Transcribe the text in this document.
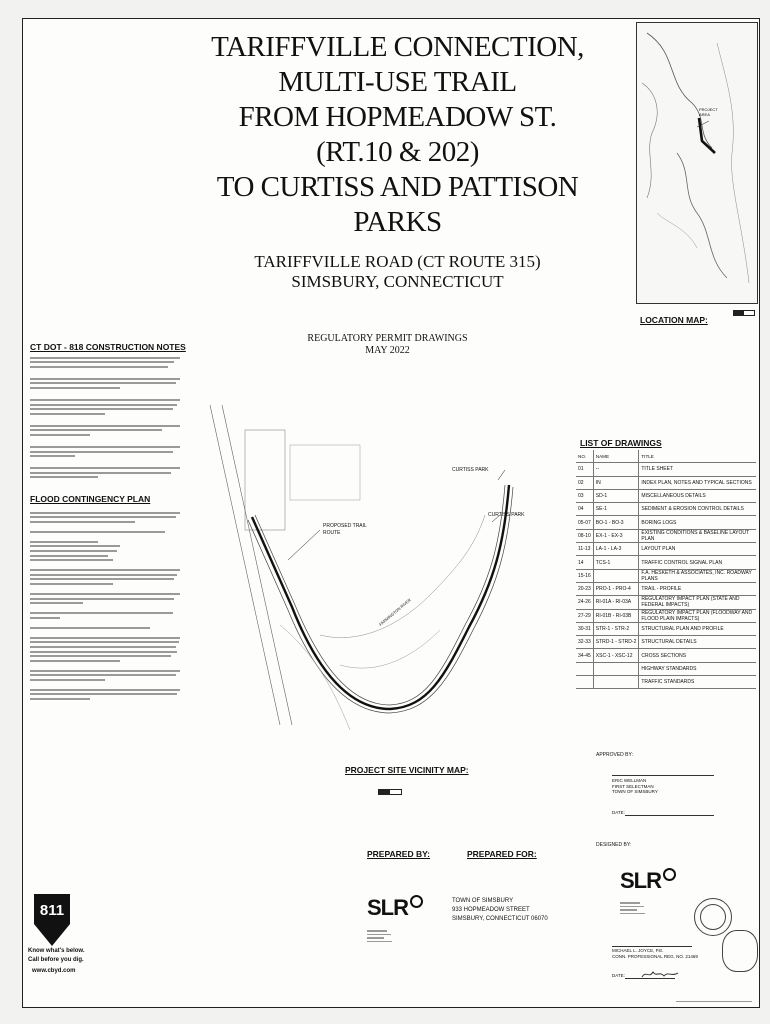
TARIFFVILLE CONNECTION,
MULTI-USE TRAIL
FROM HOPMEADOW ST. (RT.10 & 202)
TO CURTISS AND PATTISON PARKS
TARIFFVILLE ROAD (CT ROUTE 315)
SIMSBURY, CONNECTICUT
PROJECT AREA
LOCATION MAP:
REGULATORY PERMIT DRAWINGS
MAY 2022
CT DOT - 818 CONSTRUCTION NOTES
FLOOD CONTINGENCY PLAN
PROPOSED TRAIL ROUTE
CURTISS PARK
CURTISS PARK
FARMINGTON RIVER
PROJECT SITE VICINITY MAP:
LIST OF DRAWINGS
NO.	NAME	TITLE
01	--	TITLE SHEET
02	IN	INDEX PLAN, NOTES AND TYPICAL SECTIONS
03	SD-1	MISCELLANEOUS DETAILS
04	SE-1	SEDIMENT & EROSION CONTROL DETAILS
05-07	BO-1 - BO-3	BORING LOGS
08-10	EX-1 - EX-3	EXISTING CONDITIONS & BASELINE LAYOUT PLAN
11-13	LA-1 - LA-3	LAYOUT PLAN
14	TCS-1	TRAFFIC CONTROL SIGNAL PLAN
15-16		F.A. HESKETH & ASSOCIATES, INC. ROADWAY PLANS
20-23	PRO-1 - PRO-4	TRAIL - PROFILE
24-26	RI-01A - RI-03A	REGULATORY IMPACT PLAN (STATE AND FEDERAL IMPACTS)
27-29	RI-01B - RI-03B	REGULATORY IMPACT PLAN (FLOODWAY AND FLOOD PLAIN IMPACTS)
30-31	STR-1 - STR-2	STRUCTURAL PLAN AND PROFILE
32-33	STRD-1 - STRD-2	STRUCTURAL DETAILS
34-45	XSC-1 - XSC-12	CROSS SECTIONS
		HIGHWAY STANDARDS
		TRAFFIC STANDARDS
APPROVED BY:
ERIC WELLMAN
FIRST SELECTMAN
TOWN OF SIMSBURY
DATE:
PREPARED BY:
SLR
PREPARED FOR:
TOWN OF SIMSBURY
933 HOPMEADOW STREET
SIMSBURY, CONNECTICUT 06070
DESIGNED BY:
SLR
MICHAEL L. JOYCE, P.E.
CONN. PROFESSIONAL REG. NO. 21469
DATE:
811
Know what's below.
Call before you dig.
www.cbyd.com
